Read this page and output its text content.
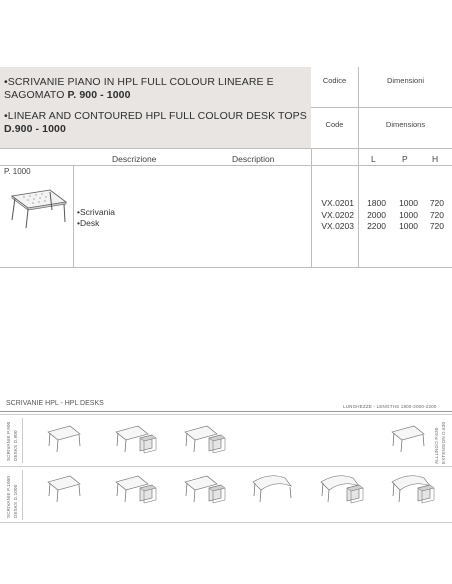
•SCRIVANIE PIANO IN HPL FULL COLOUR LINEARE E
SAGOMATO P. 900 - 1000
•LINEAR AND CONTOURED HPL FULL COLOUR DESK TOPS
D.900 - 1000
Codice	Dimensioni
Code	Dimensions
Descrizione	Description	L	P	H
P. 1000
•Scrivania
•Desk
VX.0201	1800	1000	720
VX.0202	2000	1000	720
VX.0203	2200	1000	720
SCRIVANIE HPL - HPL DESKS	LUNGHEZZE - LENGTHS 1800-2000-2200
SCRIVANIE P.900 DESKS D.900	ALLUNGO P.630 EXTENSION D.630
SCRIVANIE P.1000 DESKS D.1000
